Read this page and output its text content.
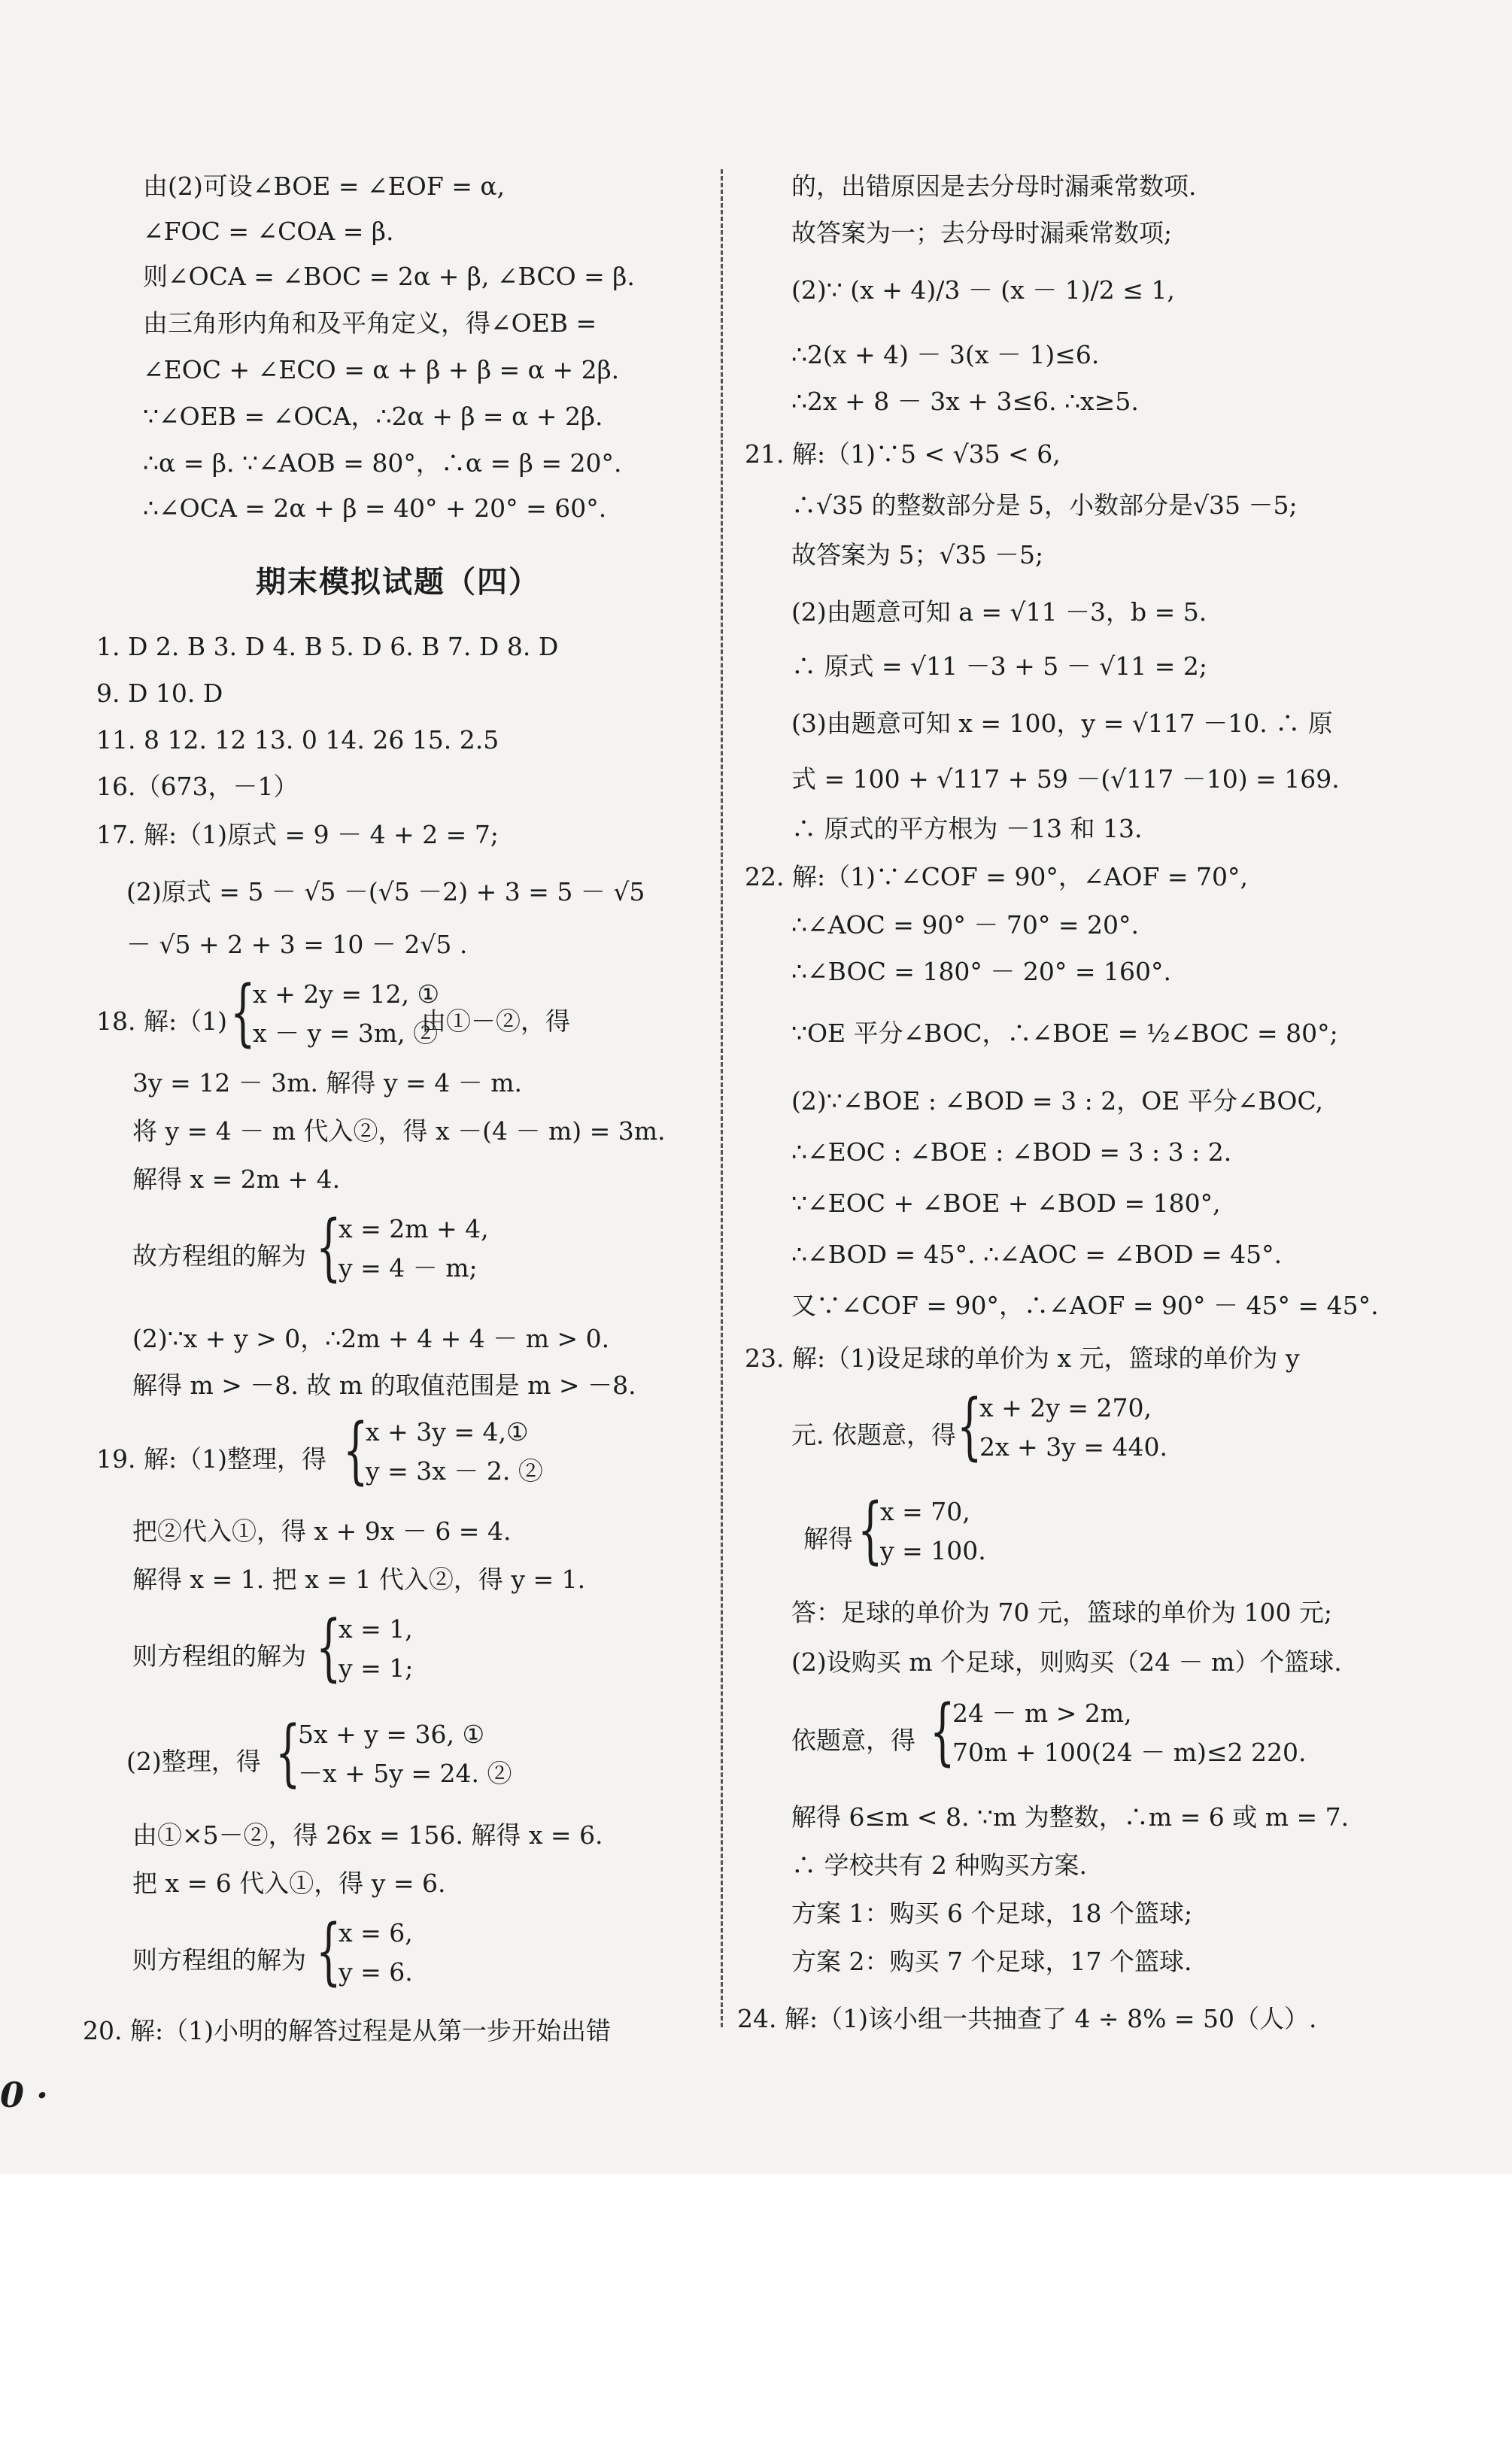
由(2)可设∠BOE = ∠EOF = α,
∠FOC = ∠COA = β.
则∠OCA = ∠BOC = 2α + β, ∠BCO = β.
由三角形内角和及平角定义，得∠OEB =
∠EOC + ∠ECO = α + β + β = α + 2β.
∵∠OEB = ∠OCA，∴2α + β = α + 2β.
∴α = β. ∵∠AOB = 80°，∴α = β = 20°.
∴∠OCA = 2α + β = 40° + 20° = 60°.
期末模拟试题（四）
1. D 2. B 3. D 4. B 5. D 6. B 7. D 8. D
9. D 10. D
11. 8 12. 12 13. 0 14. 26 15. 2.5
16.（673，－1）
17. 解:（1)原式 = 9 － 4 + 2 = 7;
(2)原式 = 5 － √5 －(√5 －2) + 3 = 5 － √5
－ √5 + 2 + 3 = 10 － 2√5 .
18. 解:（1) {
x + 2y = 12, ①
x － y = 3m, ②
由①－②，得
3y = 12 － 3m. 解得 y = 4 － m.
将 y = 4 － m 代入②，得 x －(4 － m) = 3m.
解得 x = 2m + 4.
故方程组的解为 {
x = 2m + 4,
y = 4 － m;
(2)∵x + y > 0，∴2m + 4 + 4 － m > 0.
解得 m > －8. 故 m 的取值范围是 m > －8.
19. 解:（1)整理，得 {
x + 3y = 4,①
y = 3x － 2. ②
把②代入①，得 x + 9x － 6 = 4.
解得 x = 1. 把 x = 1 代入②，得 y = 1.
则方程组的解为 {
x = 1,
y = 1;
(2)整理，得 {
5x + y = 36, ①
－x + 5y = 24. ②
由①×5－②，得 26x = 156. 解得 x = 6.
把 x = 6 代入①，得 y = 6.
则方程组的解为 {
x = 6,
y = 6.
20. 解:（1)小明的解答过程是从第一步开始出错
0 ·
的，出错原因是去分母时漏乘常数项.
故答案为一；去分母时漏乘常数项;
(2)∵ (x + 4)/3 － (x － 1)/2 ≤ 1,
∴2(x + 4) － 3(x － 1)≤6.
∴2x + 8 － 3x + 3≤6. ∴x≥5.
21. 解:（1)∵5 < √35 < 6,
∴√35 的整数部分是 5，小数部分是√35 －5;
故答案为 5；√35 －5;
(2)由题意可知 a = √11 －3，b = 5.
∴ 原式 = √11 －3 + 5 － √11 = 2;
(3)由题意可知 x = 100，y = √117 －10. ∴ 原
式 = 100 + √117 + 59 －(√117 －10) = 169.
∴ 原式的平方根为 －13 和 13.
22. 解:（1)∵∠COF = 90°，∠AOF = 70°,
∴∠AOC = 90° － 70° = 20°.
∴∠BOC = 180° － 20° = 160°.
∵OE 平分∠BOC，∴∠BOE = ½∠BOC = 80°;
(2)∵∠BOE : ∠BOD = 3 : 2，OE 平分∠BOC,
∴∠EOC : ∠BOE : ∠BOD = 3 : 3 : 2.
∵∠EOC + ∠BOE + ∠BOD = 180°,
∴∠BOD = 45°. ∴∠AOC = ∠BOD = 45°.
又∵∠COF = 90°，∴∠AOF = 90° － 45° = 45°.
23. 解:（1)设足球的单价为 x 元，篮球的单价为 y
元. 依题意，得 {
x + 2y = 270,
2x + 3y = 440.
解得 {
x = 70,
y = 100.
答：足球的单价为 70 元，篮球的单价为 100 元;
(2)设购买 m 个足球，则购买（24 － m）个篮球.
依题意，得 {
24 － m > 2m,
70m + 100(24 － m)≤2 220.
解得 6≤m < 8. ∵m 为整数，∴m = 6 或 m = 7.
∴ 学校共有 2 种购买方案.
方案 1：购买 6 个足球，18 个篮球;
方案 2：购买 7 个足球，17 个篮球.
24. 解:（1)该小组一共抽查了 4 ÷ 8% = 50（人）.
